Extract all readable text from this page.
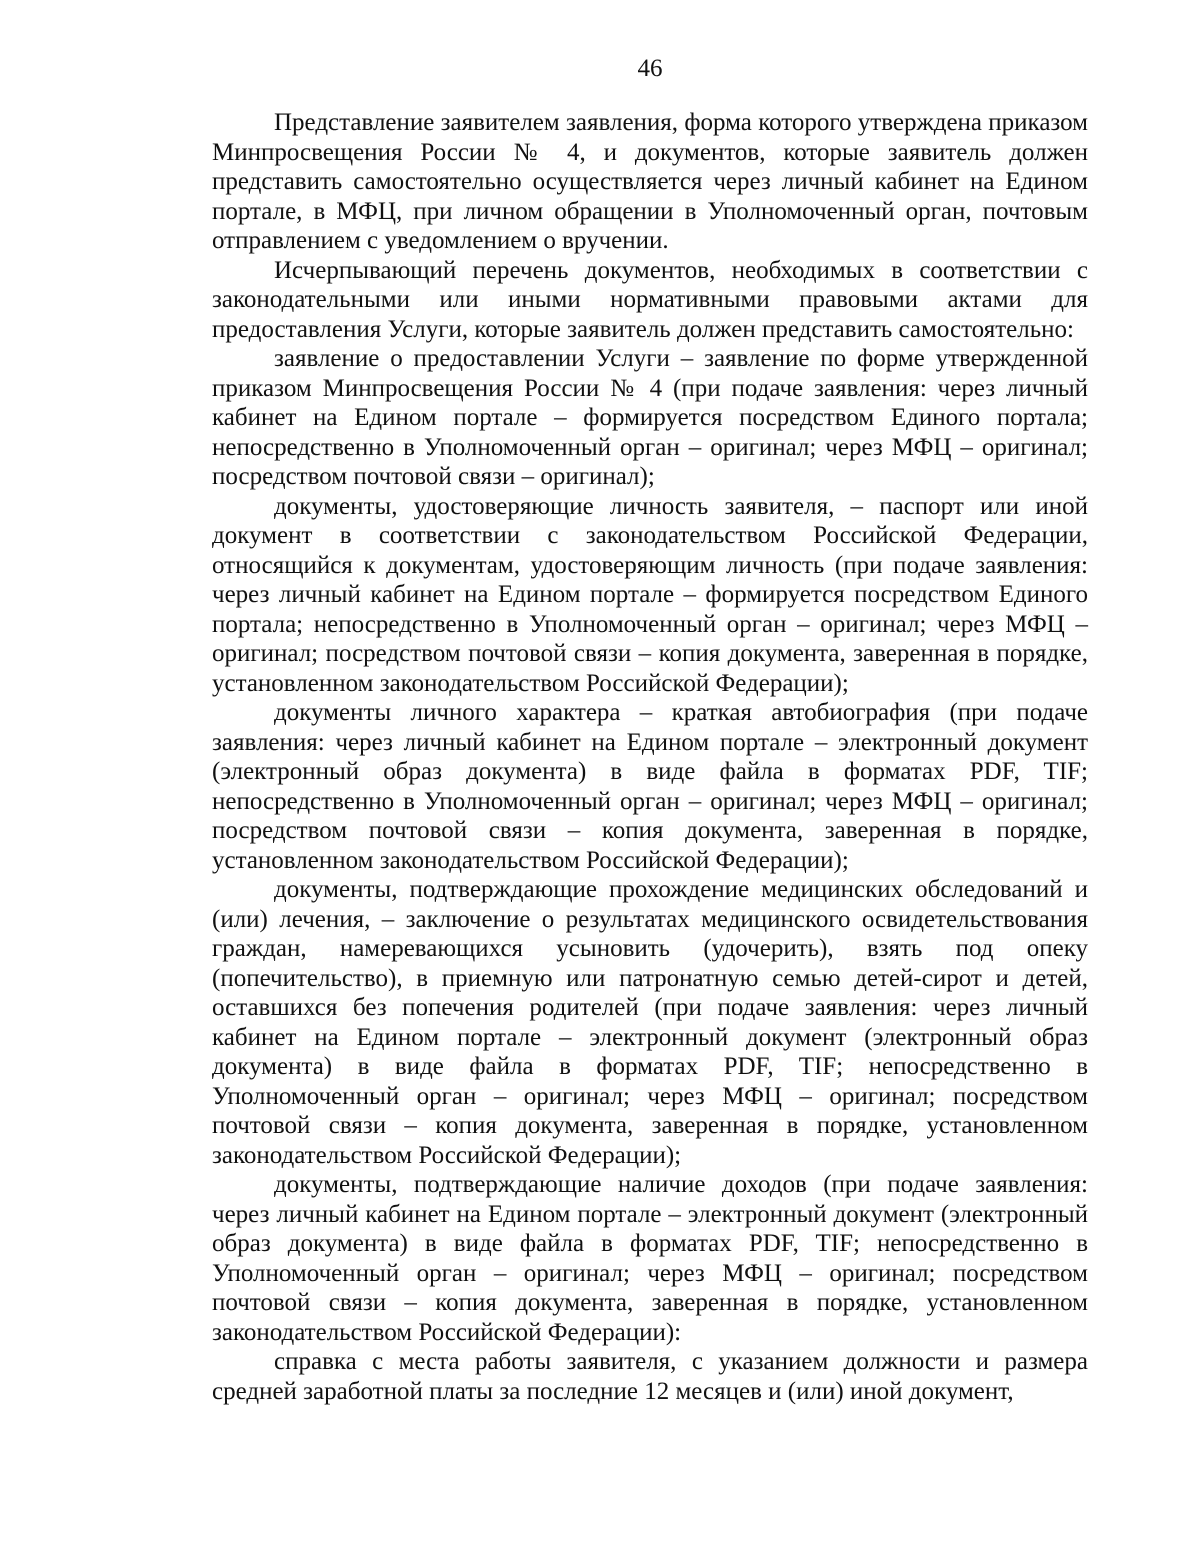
46

Представление заявителем заявления, форма которого утверждена приказом Минпросвещения России № 4, и документов, которые заявитель должен представить самостоятельно осуществляется через личный кабинет на Едином портале, в МФЦ, при личном обращении в Уполномоченный орган, почтовым отправлением с уведомлением о вручении.

Исчерпывающий перечень документов, необходимых в соответствии с законодательными или иными нормативными правовыми актами для предоставления Услуги, которые заявитель должен представить самостоятельно:

заявление о предоставлении Услуги – заявление по форме утвержденной приказом Минпросвещения России № 4 (при подаче заявления: через личный кабинет на Едином портале – формируется посредством Единого портала; непосредственно в Уполномоченный орган – оригинал; через МФЦ – оригинал; посредством почтовой связи – оригинал);

документы, удостоверяющие личность заявителя, – паспорт или иной документ в соответствии с законодательством Российской Федерации, относящийся к документам, удостоверяющим личность (при подаче заявления: через личный кабинет на Едином портале – формируется посредством Единого портала; непосредственно в Уполномоченный орган – оригинал; через МФЦ – оригинал; посредством почтовой связи – копия документа, заверенная в порядке, установленном законодательством Российской Федерации);

документы личного характера – краткая автобиография (при подаче заявления: через личный кабинет на Едином портале – электронный документ (электронный образ документа) в виде файла в форматах PDF, TIF; непосредственно в Уполномоченный орган – оригинал; через МФЦ – оригинал; посредством почтовой связи – копия документа, заверенная в порядке, установленном законодательством Российской Федерации);

документы, подтверждающие прохождение медицинских обследований и (или) лечения, – заключение о результатах медицинского освидетельствования граждан, намеревающихся усыновить (удочерить), взять под опеку (попечительство), в приемную или патронатную семью детей-сирот и детей, оставшихся без попечения родителей (при подаче заявления: через личный кабинет на Едином портале – электронный документ (электронный образ документа) в виде файла в форматах PDF, TIF; непосредственно в Уполномоченный орган – оригинал; через МФЦ – оригинал; посредством почтовой связи – копия документа, заверенная в порядке, установленном законодательством Российской Федерации);

документы, подтверждающие наличие доходов (при подаче заявления: через личный кабинет на Едином портале – электронный документ (электронный образ документа) в виде файла в форматах PDF, TIF; непосредственно в Уполномоченный орган – оригинал; через МФЦ – оригинал; посредством почтовой связи – копия документа, заверенная в порядке, установленном законодательством Российской Федерации):

справка с места работы заявителя, с указанием должности и размера средней заработной платы за последние 12 месяцев и (или) иной документ,
